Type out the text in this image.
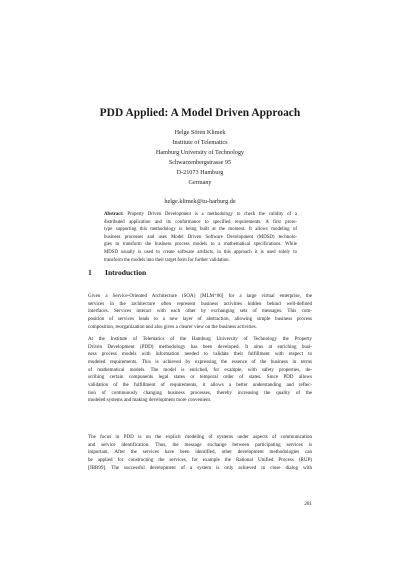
PDD Applied: A Model Driven Approach
Helge Sören Klimek
Institute of Telematics
Hamburg University of Technology
Schwarzenbergstrasse 95
D-21073 Hamburg
Germany
helge.klimek@tu-harburg.de
Abstract: Property Driven Development is a methodology to check the validity of a
distributed application and its conformance to specified requirements. A first proto-
type supporting this methodology is being built at the moment. It allows modeling of
business processes and uses Model Driven Software Development (MDSD) technolo-
gies to transform the business process models to a mathematical specifications. While
MDSD usually is used to create software artifacts, in this approach it is used solely to
transform the models into their target form for further validation.
1 Introduction
Given a Service-Oriented Architecture (SOA) [MLM⁺06] for a large virtual enterprise, the
services in the architecture often represent business activities hidden behind well-defined
interfaces. Services interact with each other by exchanging sets of messages. This com-
position of services leads to a new layer of abstraction, allowing simple business process
composition, reorganization and also gives a clearer view on the business activities.
At the Institute of Telematics of the Hamburg University of Technology the Property
Driven Development (PDD) methodology has been developed. It aims at enriching busi-
ness process models with information needed to validate their fulfillment with respect to
modeled requirements. This is achieved by expressing the essence of the business in terms
of mathematical models. The model is enriched, for example, with safety properties, de-
scribing certain components legal states or temporal order of states. Since PDD allows
validation of the fulfillment of requirements, it allows a better understanding and reflec-
tion of continuously changing business processes, thereby increasing the quality of the
modeled systems and making development more convenient.
The focus in PDD is on the explicit modeling of systems under aspects of communication
and service identification. Thus, the message exchange between participating services is
important. After the services have been identified, other development methodologies can
be applied for constructing the services, for example the Rational Unified Process (RUP)
[JBR99]. The successful development of a system is only achieved in close dialog with
281
